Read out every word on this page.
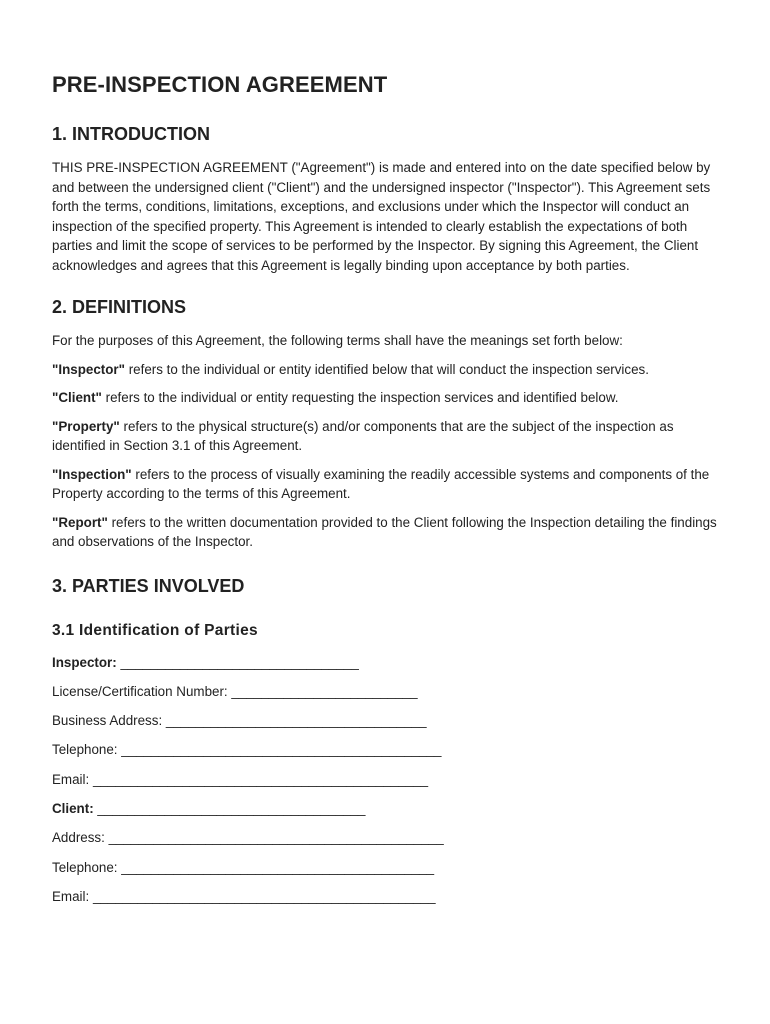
PRE-INSPECTION AGREEMENT
1. INTRODUCTION

THIS PRE-INSPECTION AGREEMENT ("Agreement") is made and entered into on the date specified below by and between the undersigned client ("Client") and the undersigned inspector ("Inspector"). This Agreement sets forth the terms, conditions, limitations, exceptions, and exclusions under which the Inspector will conduct an inspection of the specified property. This Agreement is intended to clearly establish the expectations of both parties and limit the scope of services to be performed by the Inspector. By signing this Agreement, the Client acknowledges and agrees that this Agreement is legally binding upon acceptance by both parties.

2. DEFINITIONS

For the purposes of this Agreement, the following terms shall have the meanings set forth below:

"Inspector" refers to the individual or entity identified below that will conduct the inspection services.

"Client" refers to the individual or entity requesting the inspection services and identified below.

"Property" refers to the physical structure(s) and/or components that are the subject of the inspection as identified in Section 3.1 of this Agreement.

"Inspection" refers to the process of visually examining the readily accessible systems and components of the Property according to the terms of this Agreement.

"Report" refers to the written documentation provided to the Client following the Inspection detailing the findings and observations of the Inspector.

3. PARTIES INVOLVED
3.1 Identification of Parties
Inspector: ________________________________
License/Certification Number: _________________________
Business Address: ___________________________________
Telephone: ___________________________________________
Email: _____________________________________________
Client: ____________________________________
Address: _____________________________________________
Telephone: __________________________________________
Email: ______________________________________________
